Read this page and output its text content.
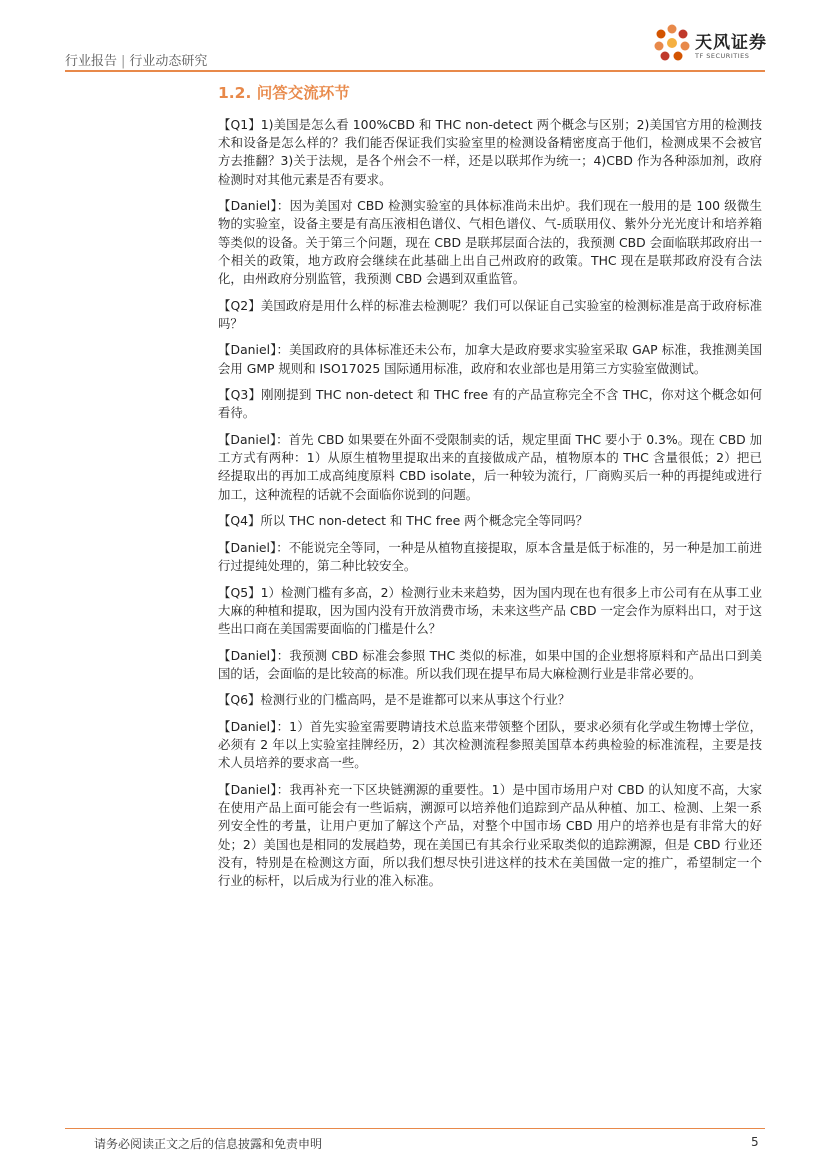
行业报告 | 行业动态研究
天风证券
TF SECURITIES
1.2. 问答交流环节

【Q1】1)美国是怎么看 100%CBD 和 THC non-detect 两个概念与区别；2)美国官方用的检测技术和设备是怎么样的？我们能否保证我们实验室里的检测设备精密度高于他们，检测成果不会被官方去推翻？3)关于法规，是各个州会不一样，还是以联邦作为统一；4)CBD 作为各种添加剂，政府检测时对其他元素是否有要求。

【Daniel】：因为美国对 CBD 检测实验室的具体标准尚未出炉。我们现在一般用的是 100 级微生物的实验室，设备主要是有高压液相色谱仪、气相色谱仪、气-质联用仪、紫外分光光度计和培养箱等类似的设备。关于第三个问题，现在 CBD 是联邦层面合法的，我预测 CBD 会面临联邦政府出一个相关的政策，地方政府会继续在此基础上出自己州政府的政策。THC 现在是联邦政府没有合法化，由州政府分别监管，我预测 CBD 会遇到双重监管。

【Q2】美国政府是用什么样的标准去检测呢？我们可以保证自己实验室的检测标准是高于政府标准吗？

【Daniel】：美国政府的具体标准还未公布，加拿大是政府要求实验室采取 GAP 标准，我推测美国会用 GMP 规则和 ISO17025 国际通用标准，政府和农业部也是用第三方实验室做测试。

【Q3】刚刚提到 THC non-detect 和 THC free 有的产品宣称完全不含 THC，你对这个概念如何看待。

【Daniel】：首先 CBD 如果要在外面不受限制卖的话，规定里面 THC 要小于 0.3%。现在 CBD 加工方式有两种：1）从原生植物里提取出来的直接做成产品，植物原本的 THC 含量很低；2）把已经提取出的再加工成高纯度原料 CBD isolate，后一种较为流行，厂商购买后一种的再提纯或进行加工，这种流程的话就不会面临你说到的问题。

【Q4】所以 THC non-detect 和 THC free 两个概念完全等同吗？

【Daniel】：不能说完全等同，一种是从植物直接提取，原本含量是低于标准的，另一种是加工前进行过提纯处理的，第二种比较安全。

【Q5】1）检测门槛有多高，2）检测行业未来趋势，因为国内现在也有很多上市公司有在从事工业大麻的种植和提取，因为国内没有开放消费市场，未来这些产品 CBD 一定会作为原料出口，对于这些出口商在美国需要面临的门槛是什么？

【Daniel】：我预测 CBD 标准会参照 THC 类似的标准，如果中国的企业想将原料和产品出口到美国的话，会面临的是比较高的标准。所以我们现在提早布局大麻检测行业是非常必要的。

【Q6】检测行业的门槛高吗，是不是谁都可以来从事这个行业？

【Daniel】：1）首先实验室需要聘请技术总监来带领整个团队，要求必须有化学或生物博士学位，必须有 2 年以上实验室挂牌经历，2）其次检测流程参照美国草本药典检验的标准流程，主要是技术人员培养的要求高一些。

【Daniel】：我再补充一下区块链溯源的重要性。1）是中国市场用户对 CBD 的认知度不高，大家在使用产品上面可能会有一些诟病，溯源可以培养他们追踪到产品从种植、加工、检测、上架一系列安全性的考量，让用户更加了解这个产品，对整个中国市场 CBD 用户的培养也是有非常大的好处；2）美国也是相同的发展趋势，现在美国已有其余行业采取类似的追踪溯源，但是 CBD 行业还没有，特别是在检测这方面，所以我们想尽快引进这样的技术在美国做一定的推广，希望制定一个行业的标杆，以后成为行业的准入标准。

请务必阅读正文之后的信息披露和免责申明	5
